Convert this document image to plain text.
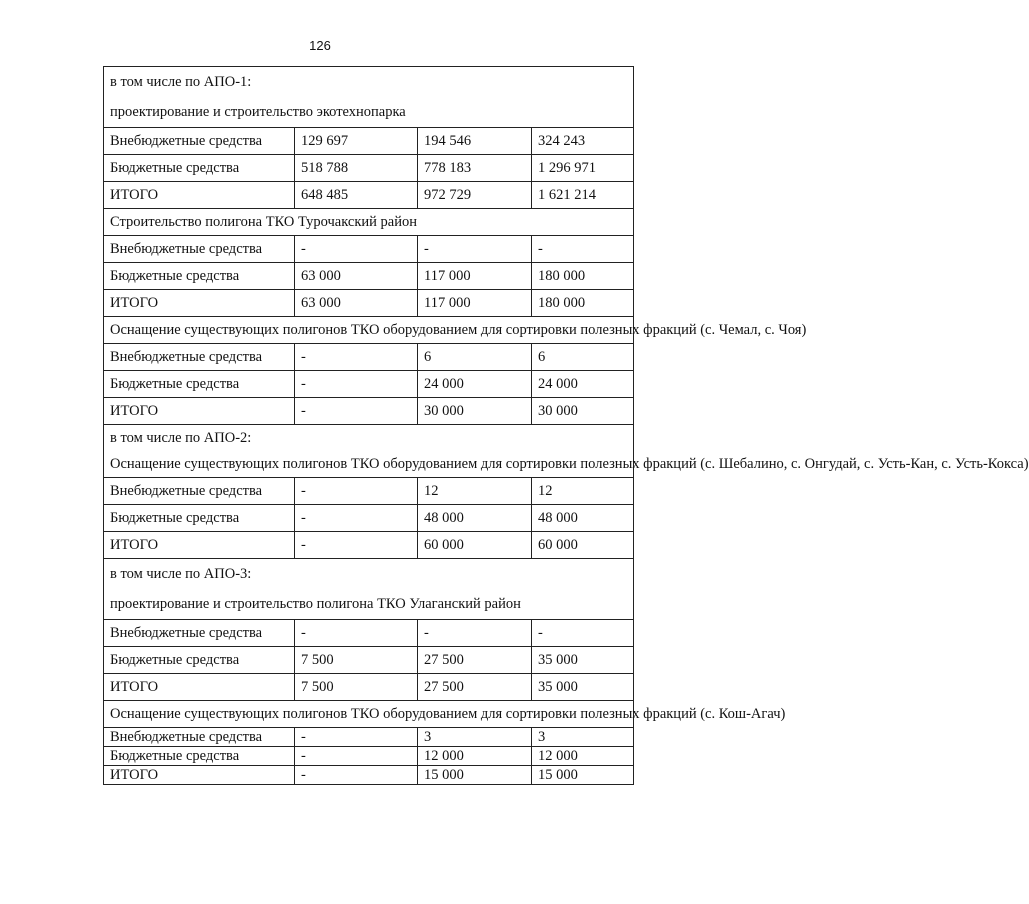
126
в том числе по АПО-1:
проектирование и строительство экотехнопарка			

Внебюджетные средства	129 697	194 546	324 243
Бюджетные средства	518 788	778 183	1 296 971
ИТОГО	648 485	972 729	1 621 214

Строительство полигона ТКО Турочакский район			

Внебюджетные средства	-	-	-
Бюджетные средства	63 000	117 000	180 000
ИТОГО	63 000	117 000	180 000
Оснащение существующих полигонов ТКО оборудованием для сортировки полезных фракций (с. Чемал, с. Чоя)			
Внебюджетные средства	-	6	6
Бюджетные средства	-	24 000	24 000
ИТОГО	-	30 000	30 000

в том числе по АПО-2:
Оснащение существующих полигонов ТКО оборудованием для сортировки полезных фракций (с. Шебалино, с. Онгудай, с. Усть-Кан, с. Усть-Кокса)			

Внебюджетные средства	-	12	12
Бюджетные средства	-	48 000	48 000
ИТОГО	-	60 000	60 000

в том числе по АПО-3:
проектирование и строительство полигона ТКО Улаганский район			

Внебюджетные средства	-	-	-
Бюджетные средства	7 500	27 500	35 000
ИТОГО	7 500	27 500	35 000
Оснащение существующих полигонов ТКО оборудованием для сортировки полезных фракций (с. Кош-Агач)			
Внебюджетные средства	-	3	3
Бюджетные средства	-	12 000	12 000
ИТОГО	-	15 000	15 000
